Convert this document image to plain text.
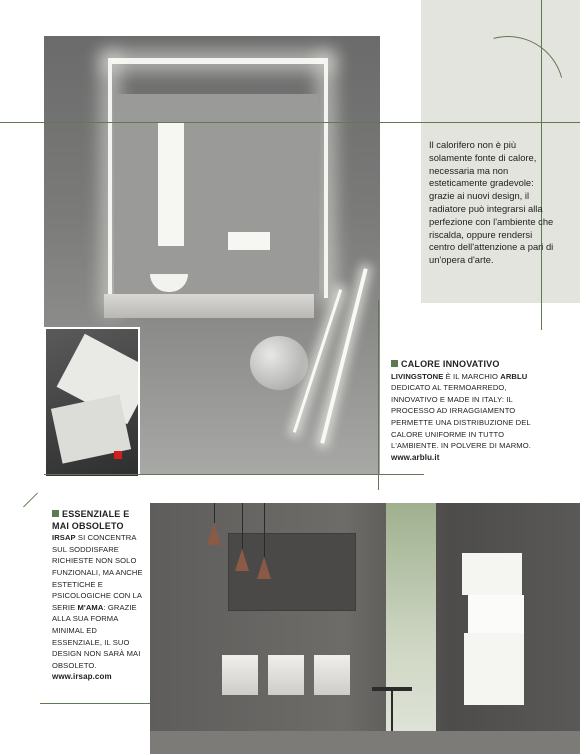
Il calorifero non è più solamente fonte di calore, necessaria ma non esteticamente gradevole: grazie ai nuovi design, il radiatore può integrarsi alla perfezione con l'ambiente che riscalda, oppure rendersi centro dell'attenzione a pari di un'opera d'arte.
CALORE INNOVATIVO
LIVINGSTONE È IL MARCHIO ARBLU DEDICATO AL TERMOARREDO, INNOVATIVO E MADE IN ITALY: IL PROCESSO AD IRRAGGIAMENTO PERMETTE UNA DISTRIBUZIONE DEL CALORE UNIFORME IN TUTTO L'AMBIENTE. IN POLVERE DI MARMO.
www.arblu.it
ESSENZIALE E MAI OBSOLETO
IRSAP SI CONCENTRA SUL SODDISFARE RICHIESTE NON SOLO FUNZIONALI, MA ANCHE ESTETICHE E PSICOLOGICHE CON LA SERIE M'AMA: GRAZIE ALLA SUA FORMA MINIMAL ED ESSENZIALE, IL SUO DESIGN NON SARÀ MAI OBSOLETO.
www.irsap.com
